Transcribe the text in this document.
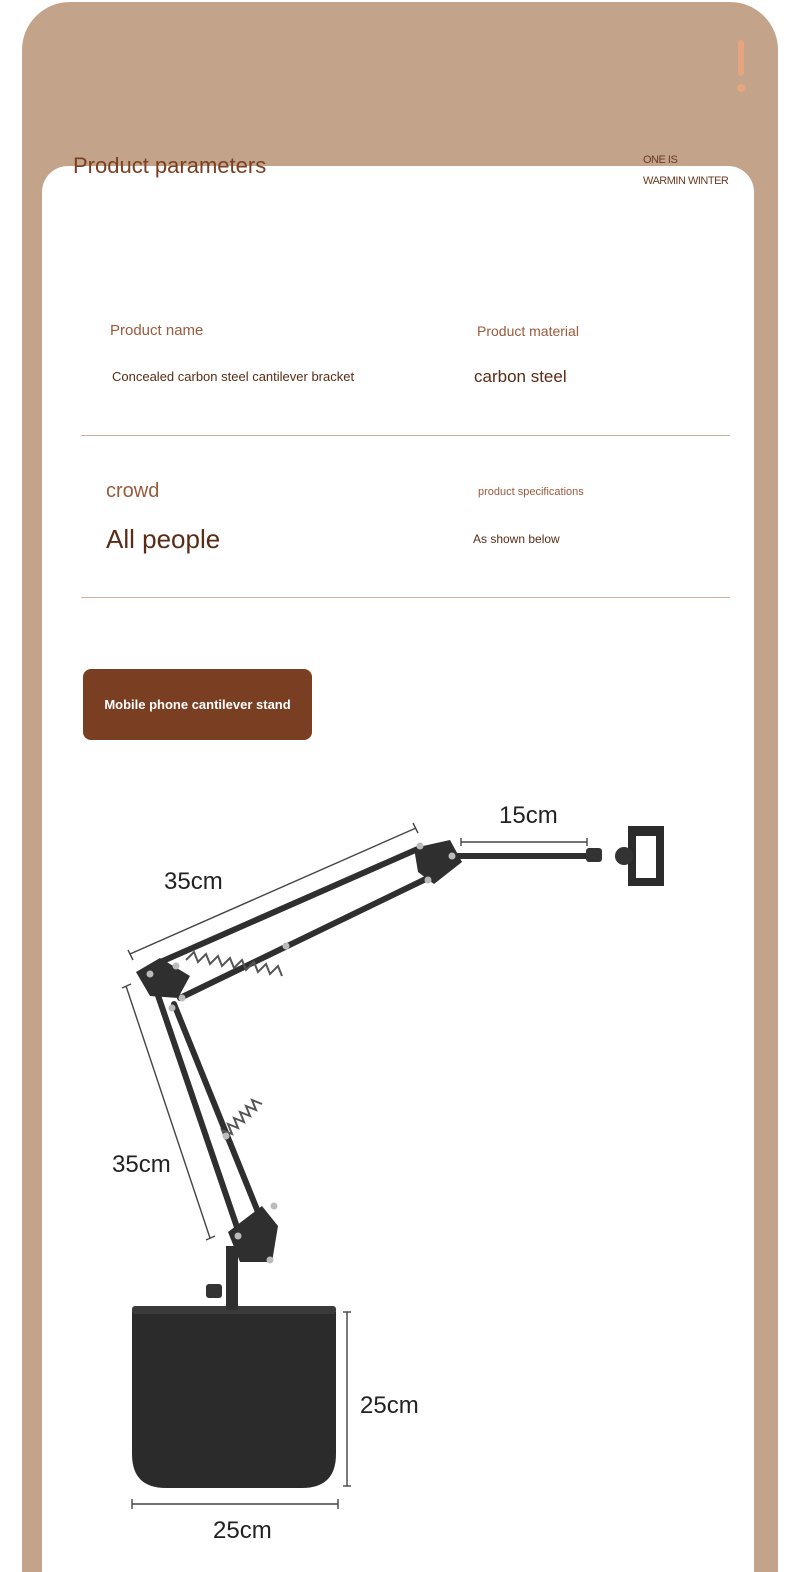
Product parameters	ONE IS
WARMIN WINTER
Product name
Concealed carbon steel cantilever bracket
Product material
carbon steel
crowd
All people
product specifications
As shown below
Mobile phone cantilever stand
35cm
15cm
35cm
25cm
25cm
